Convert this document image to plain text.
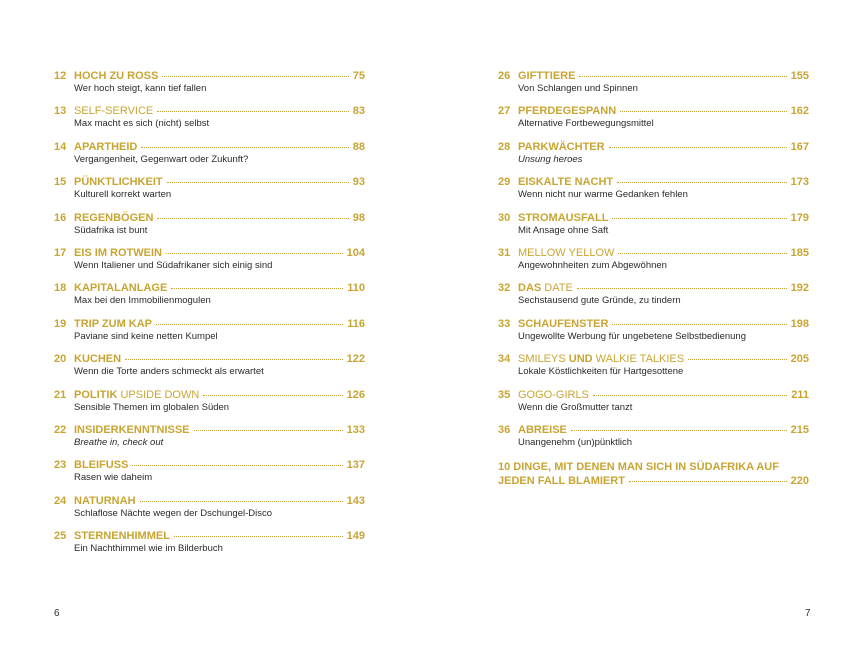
12 HOCH ZU ROSS	75
Wer hoch steigt, kann tief fallen
13 SELF-SERVICE	83
Max macht es sich (nicht) selbst
14 APARTHEID	88
Vergangenheit, Gegenwart oder Zukunft?
15 PÜNKTLICHKEIT	93
Kulturell korrekt warten
16 REGENBÖGEN	98
Südafrika ist bunt
17 EIS IM ROTWEIN	104
Wenn Italiener und Südafrikaner sich einig sind
18 KAPITALANLAGE	110
Max bei den Immobilienmogulen
19 TRIP ZUM KAP	116
Paviane sind keine netten Kumpel
20 KUCHEN	122
Wenn die Torte anders schmeckt als erwartet
21 POLITIK UPSIDE DOWN	126
Sensible Themen im globalen Süden
22 INSIDERKENNTNISSE	133
Breathe in, check out
23 BLEIFUSS	137
Rasen wie daheim
24 NATURNAH	143
Schlaflose Nächte wegen der Dschungel-Disco
25 STERNENHIMMEL	149
Ein Nachthimmel wie im Bilderbuch
26 GIFTTIERE	155
Von Schlangen und Spinnen
27 PFERDEGESPANN	162
Alternative Fortbewegungsmittel
28 PARKWÄCHTER	167
Unsung heroes
29 EISKALTE NACHT	173
Wenn nicht nur warme Gedanken fehlen
30 STROMAUSFALL	179
Mit Ansage ohne Saft
31 MELLOW YELLOW	185
Angewohnheiten zum Abgewöhnen
32 DAS DATE	192
Sechstausend gute Gründe, zu tindern
33 SCHAUFENSTER	198
Ungewollte Werbung für ungebetene Selbstbedienung
34 SMILEYS UND WALKIE TALKIES	205
Lokale Köstlichkeiten für Hartgesottene
35 GOGO-GIRLS	211
Wenn die Großmutter tanzt
36 ABREISE	215
Unangenehm (un)pünktlich
10 DINGE, MIT DENEN MAN SICH IN SÜDAFRIKA AUF
JEDEN FALL BLAMIERT	220
6	7
